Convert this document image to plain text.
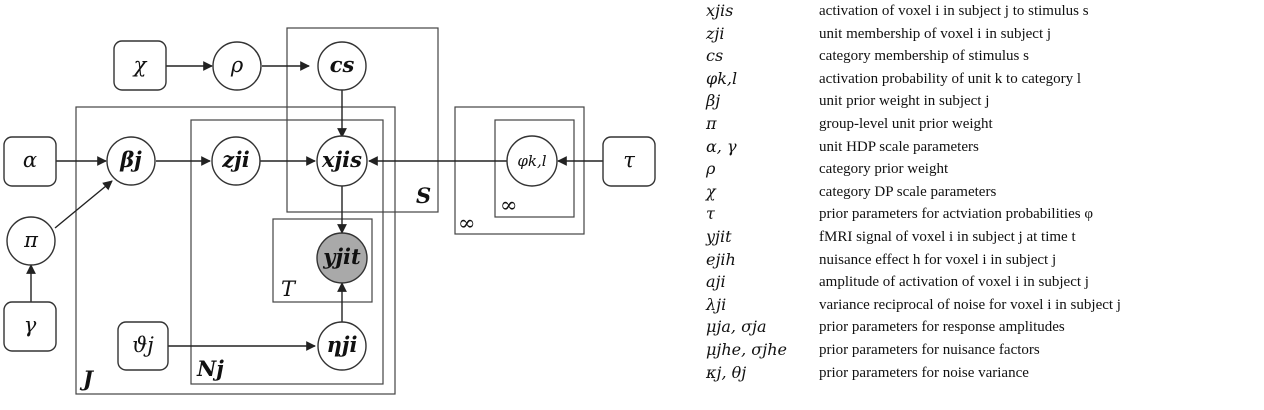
S
T
J	Nj
∞
∞
χ	ρ	cs
α	βj	zji	xjis	φk,l	τ
π
γ
yjit
ϑj	ηji
xjis	activation of voxel i in subject j to stimulus s
zji	unit membership of voxel i in subject j
cs	category membership of stimulus s
φk,l	activation probability of unit k to category l
βj	unit prior weight in subject j
π	group-level unit prior weight
α, γ	unit HDP scale parameters
ρ	category prior weight
χ	category DP scale parameters
τ	prior parameters for actviation probabilities φ
yjit	fMRI signal of voxel i in subject j at time t
ejih	nuisance effect h for voxel i in subject j
aji	amplitude of activation of voxel i in subject j
λji	variance reciprocal of noise for voxel i in subject j
μja, σja	prior parameters for response amplitudes
μjhe, σjhe	prior parameters for nuisance factors
κj, θj	prior parameters for noise variance
